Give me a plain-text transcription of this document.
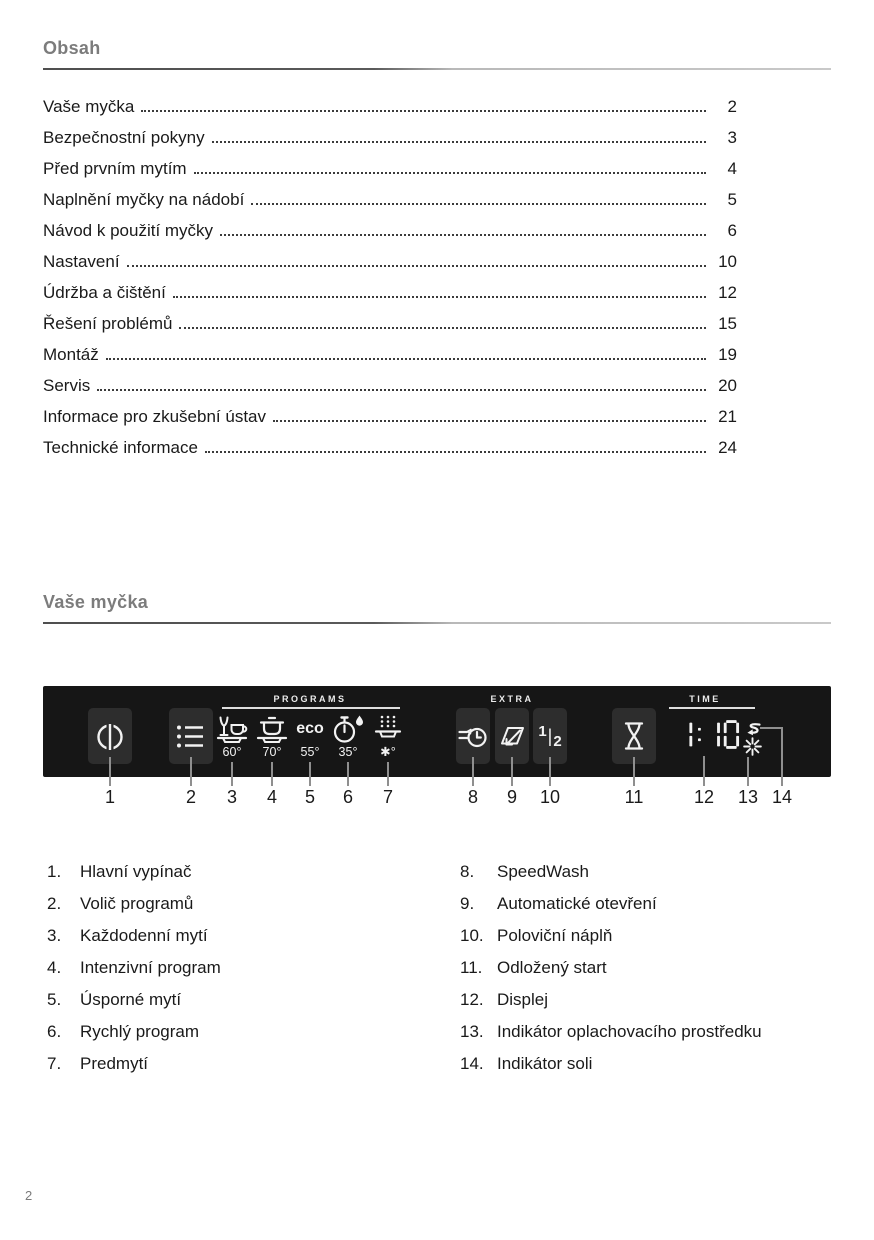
Obsah
Vaše myčka	2
Bezpečnostní pokyny	3
Před prvním mytím	4
Naplnění myčky na nádobí	5
Návod k použití myčky	6
Nastavení	10
Údržba a čištění	12
Řešení problémů	15
Montáž	19
Servis	20
Informace pro zkušební ústav	21
Technické informace	24
Vaše myčka
PROGRAMS
60° 70°
eco
55° 35° ✱°
EXTRA
1 | 2
TIME
1	2	3	4	5	6	7	8	9	10	11	12 13 14
1.	Hlavní vypínač
2.	Volič programů
3.	Každodenní mytí
4.	Intenzivní program
5.	Úsporné mytí
6.	Rychlý program
7.	Predmytí
8.	SpeedWash
9.	Automatické otevření
10. Poloviční náplň
11. Odložený start
12. Displej
13. Indikátor oplachovacího prostředku
14. Indikátor soli
2
